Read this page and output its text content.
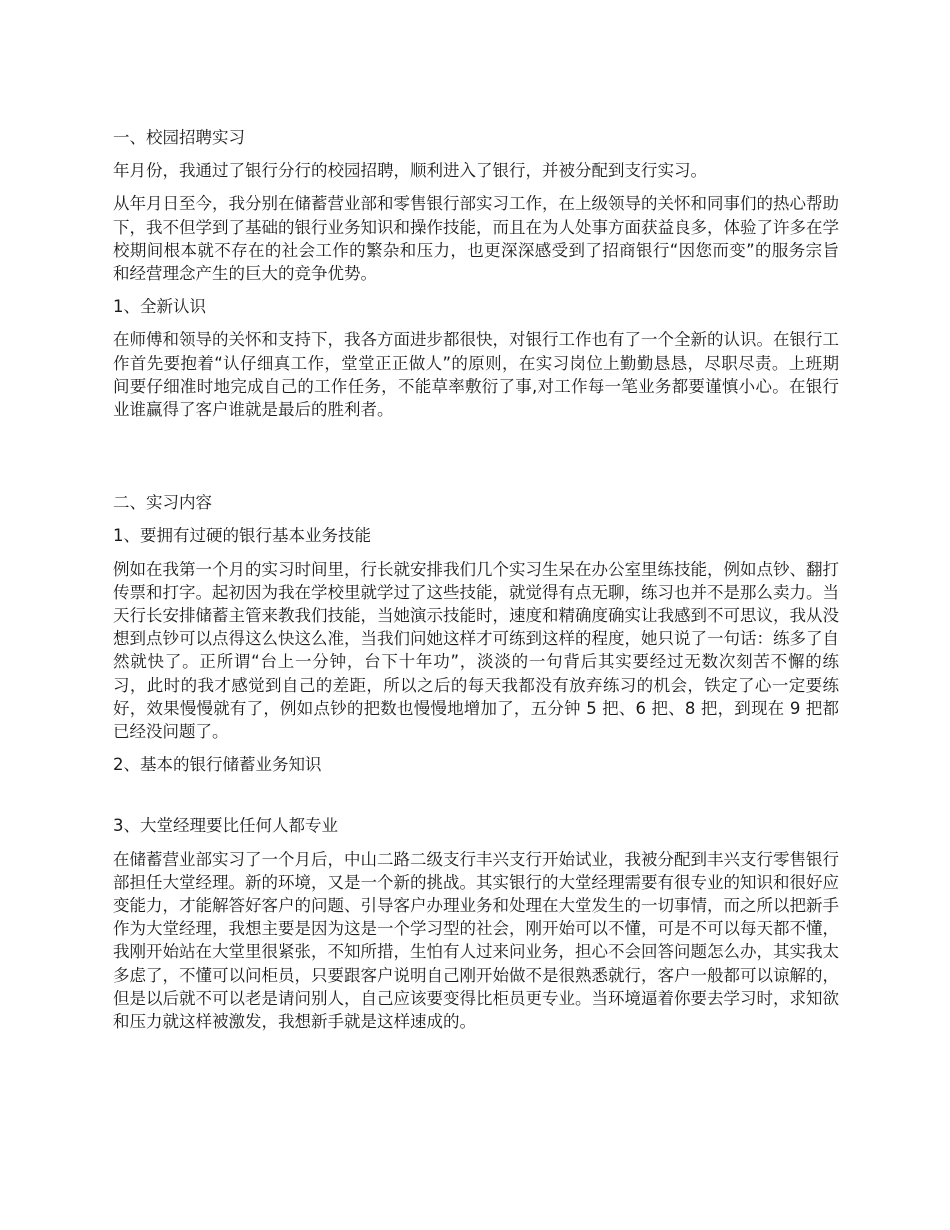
一、校园招聘实习

年月份，我通过了银行分行的校园招聘，顺利进入了银行，并被分配到支行实习。

从年月日至今，我分别在储蓄营业部和零售银行部实习工作，在上级领导的关怀和同事们的热心帮助下，我不但学到了基础的银行业务知识和操作技能，而且在为人处事方面获益良多，体验了许多在学校期间根本就不存在的社会工作的繁杂和压力，也更深深感受到了招商银行“因您而变”的服务宗旨和经营理念产生的巨大的竞争优势。

1、全新认识

在师傅和领导的关怀和支持下，我各方面进步都很快，对银行工作也有了一个全新的认识。在银行工作首先要抱着“认仔细真工作，堂堂正正做人”的原则，在实习岗位上勤勤恳恳，尽职尽责。上班期间要仔细准时地完成自己的工作任务，不能草率敷衍了事,对工作每一笔业务都要谨慎小心。在银行业谁赢得了客户谁就是最后的胜利者。

二、实习内容

1、要拥有过硬的银行基本业务技能

例如在我第一个月的实习时间里，行长就安排我们几个实习生呆在办公室里练技能，例如点钞、翻打传票和打字。起初因为我在学校里就学过了这些技能，就觉得有点无聊，练习也并不是那么卖力。当天行长安排储蓄主管来教我们技能，当她演示技能时，速度和精确度确实让我感到不可思议，我从没想到点钞可以点得这么快这么准，当我们问她这样才可练到这样的程度，她只说了一句话：练多了自然就快了。正所谓“台上一分钟，台下十年功”，淡淡的一句背后其实要经过无数次刻苦不懈的练习，此时的我才感觉到自己的差距，所以之后的每天我都没有放弃练习的机会，铁定了心一定要练好，效果慢慢就有了，例如点钞的把数也慢慢地增加了，五分钟 5 把、6 把、8 把，到现在 9 把都已经没问题了。

2、基本的银行储蓄业务知识

3、大堂经理要比任何人都专业

在储蓄营业部实习了一个月后，中山二路二级支行丰兴支行开始试业，我被分配到丰兴支行零售银行部担任大堂经理。新的环境，又是一个新的挑战。其实银行的大堂经理需要有很专业的知识和很好应变能力，才能解答好客户的问题、引导客户办理业务和处理在大堂发生的一切事情，而之所以把新手作为大堂经理，我想主要是因为这是一个学习型的社会，刚开始可以不懂，可是不可以每天都不懂，我刚开始站在大堂里很紧张，不知所措，生怕有人过来问业务，担心不会回答问题怎么办，其实我太多虑了，不懂可以问柜员，只要跟客户说明自己刚开始做不是很熟悉就行，客户一般都可以谅解的，但是以后就不可以老是请问别人，自己应该要变得比柜员更专业。当环境逼着你要去学习时，求知欲和压力就这样被激发，我想新手就是这样速成的。
